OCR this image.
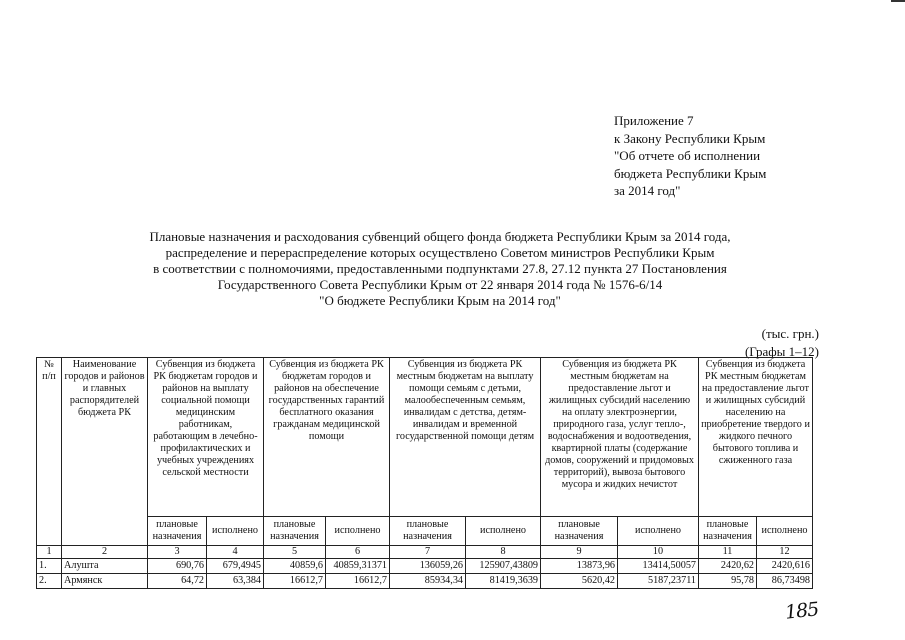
Приложение 7
к Закону Республики Крым
"Об отчете об исполнении
бюджета Республики Крым
за 2014 год"
Плановые назначения и расходования субвенций общего фонда бюджета Республики Крым за 2014 года,
распределение и перераспределение которых осуществлено Советом министров Республики Крым
в соответствии с полномочиями, предоставленными подпунктами 27.8, 27.12 пункта 27 Постановления
Государственного Совета Республики Крым от 22 января 2014 года № 1576-6/14
"О бюджете Республики Крым на 2014 год"
(тыс. грн.)
(Графы 1–12)
№ п/п	Наименование городов и районов и главных распорядителей бюджета РК	Субвенция из бюджета РК бюджетам городов и районов на выплату социальной помощи медицинским работникам, работающим в лечебно-профилактических и учебных учреждениях сельской местности		Субвенция из бюджета РК бюджетам городов и районов на обеспечение государственных гарантий бесплатного оказания гражданам медицинской помощи		Субвенция из бюджета РК местным бюджетам на выплату помощи семьям с детьми, малообеспеченным семьям, инвалидам с детства, детям-инвалидам и временной государственной помощи детям		Субвенция из бюджета РК местным бюджетам на предоставление льгот и жилищных субсидий населению на оплату электроэнергии, природного газа, услуг тепло-, водоснабжения и водоотведения, квартирной платы (содержание домов, сооружений и придомовых территорий), вывоза бытового мусора и жидких нечистот		Субвенция из бюджета РК местным бюджетам на предоставление льгот и жилищных субсидий населению на приобретение твердого и жидкого печного бытового топлива и сжиженного газа	
		плановые назначения	исполнено	плановые назначения	исполнено	плановые назначения	исполнено	плановые назначения	исполнено	плановые назначения	исполнено
1	2	3	4	5	6	7	8	9	10	11	12
1.	Алушта	690,76	679,4945	40859,6	40859,31371	136059,26	125907,43809	13873,96	13414,50057	2420,62	2420,616
2.	Армянск	64,72	63,384	16612,7	16612,7	85934,34	81419,3639	5620,42	5187,23711	95,78	86,73498
185
